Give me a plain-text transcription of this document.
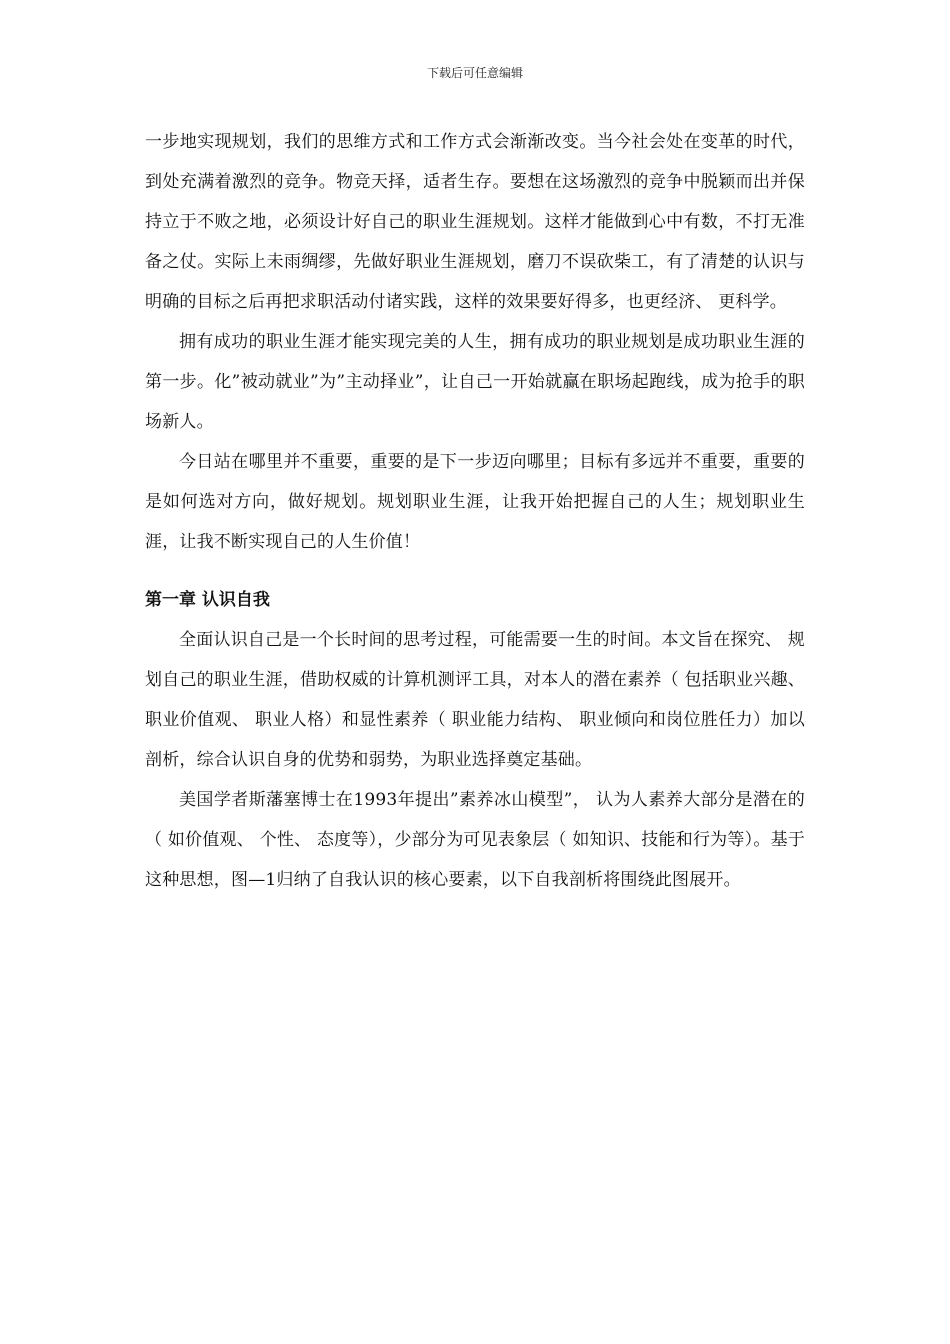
下载后可任意编辑

一步地实现规划，我们的思维方式和工作方式会渐渐改变。当今社会处在变革的时代，到处充满着激烈的竞争。物竞天择，适者生存。要想在这场激烈的竞争中脱颖而出并保持立于不败之地，必须设计好自己的职业生涯规划。这样才能做到心中有数，不打无准备之仗。实际上未雨绸缪，先做好职业生涯规划，磨刀不误砍柴工，有了清楚的认识与明确的目标之后再把求职活动付诸实践，这样的效果要好得多，也更经济、 更科学。

拥有成功的职业生涯才能实现完美的人生，拥有成功的职业规划是成功职业生涯的第一步。化”被动就业”为”主动择业”，让自己一开始就赢在职场起跑线，成为抢手的职场新人。

今日站在哪里并不重要，重要的是下一步迈向哪里；目标有多远并不重要，重要的是如何选对方向，做好规划。规划职业生涯，让我开始把握自己的人生；规划职业生涯，让我不断实现自己的人生价值！

第一章 认识自我

全面认识自己是一个长时间的思考过程，可能需要一生的时间。本文旨在探究、 规划自己的职业生涯，借助权威的计算机测评工具，对本人的潜在素养（ 包括职业兴趣、 职业价值观、 职业人格）和显性素养（ 职业能力结构、 职业倾向和岗位胜任力）加以剖析，综合认识自身的优势和弱势，为职业选择奠定基础。

美国学者斯藩塞博士在1993年提出”素养冰山模型”， 认为人素养大部分是潜在的（ 如价值观、 个性、 态度等），少部分为可见表象层（ 如知识、技能和行为等）。基于这种思想，图—1归纳了自我认识的核心要素，以下自我剖析将围绕此图展开。
